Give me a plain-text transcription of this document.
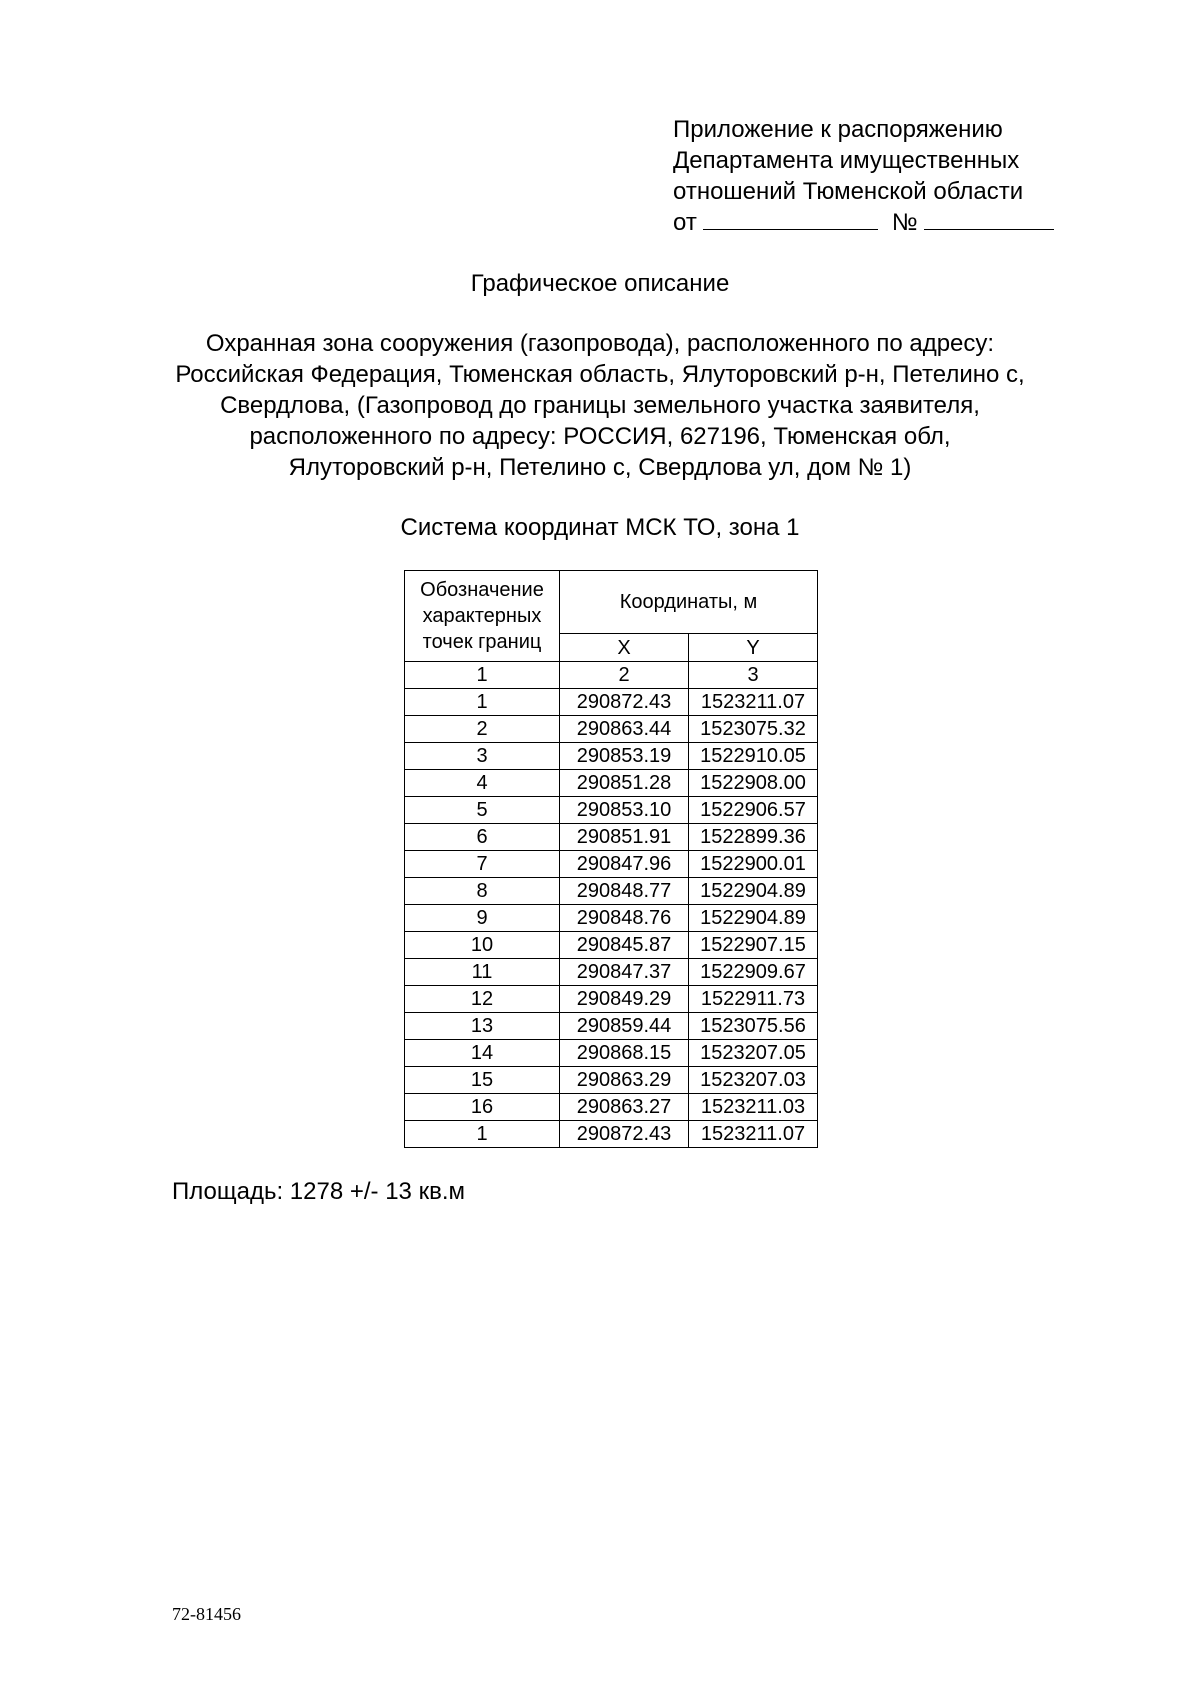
Приложение к распоряжению
Департамента имущественных
отношений Тюменской области
от	№
Графическое описание
Охранная зона сооружения (газопровода), расположенного по адресу:
Российская Федерация, Тюменская область, Ялуторовский р-н, Петелино с,
Свердлова, (Газопровод до границы земельного участка заявителя,
расположенного по адресу: РОССИЯ, 627196, Тюменская обл,
Ялуторовский р-н, Петелино с, Свердлова ул, дом № 1)
Система координат МСК ТО, зона 1
Обозначение
характерных
точек границ	Координаты, м	
	X	Y
1	2	3
1	290872.43	1523211.07
2	290863.44	1523075.32
3	290853.19	1522910.05
4	290851.28	1522908.00
5	290853.10	1522906.57
6	290851.91	1522899.36
7	290847.96	1522900.01
8	290848.77	1522904.89
9	290848.76	1522904.89
10	290845.87	1522907.15
11	290847.37	1522909.67
12	290849.29	1522911.73
13	290859.44	1523075.56
14	290868.15	1523207.05
15	290863.29	1523207.03
16	290863.27	1523211.03
1	290872.43	1523211.07
Площадь: 1278 +/- 13 кв.м
72-81456
